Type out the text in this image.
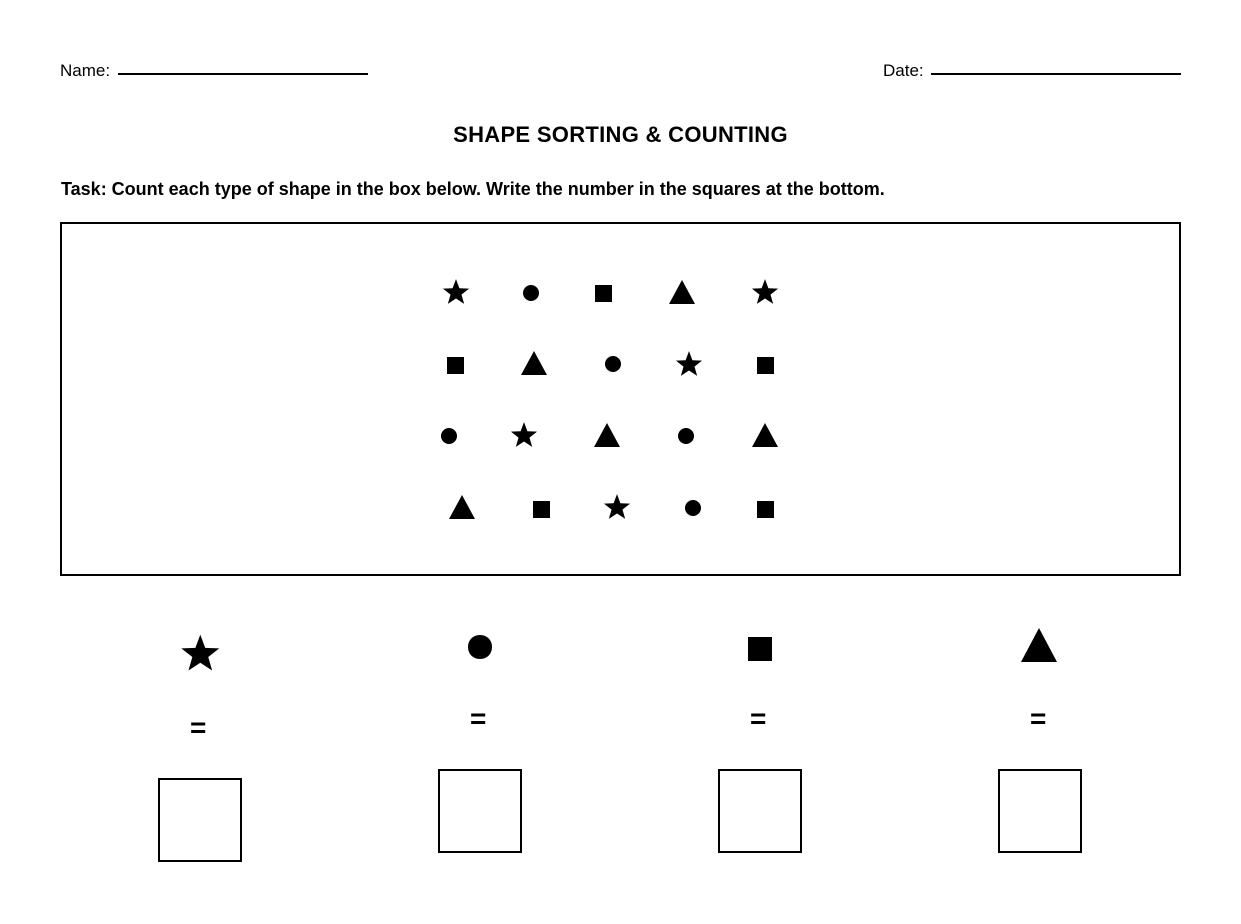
Name:	Date:
SHAPE SORTING & COUNTING
Task: Count each type of shape in the box below. Write the number in the squares at the bottom.
=	=	=	=
